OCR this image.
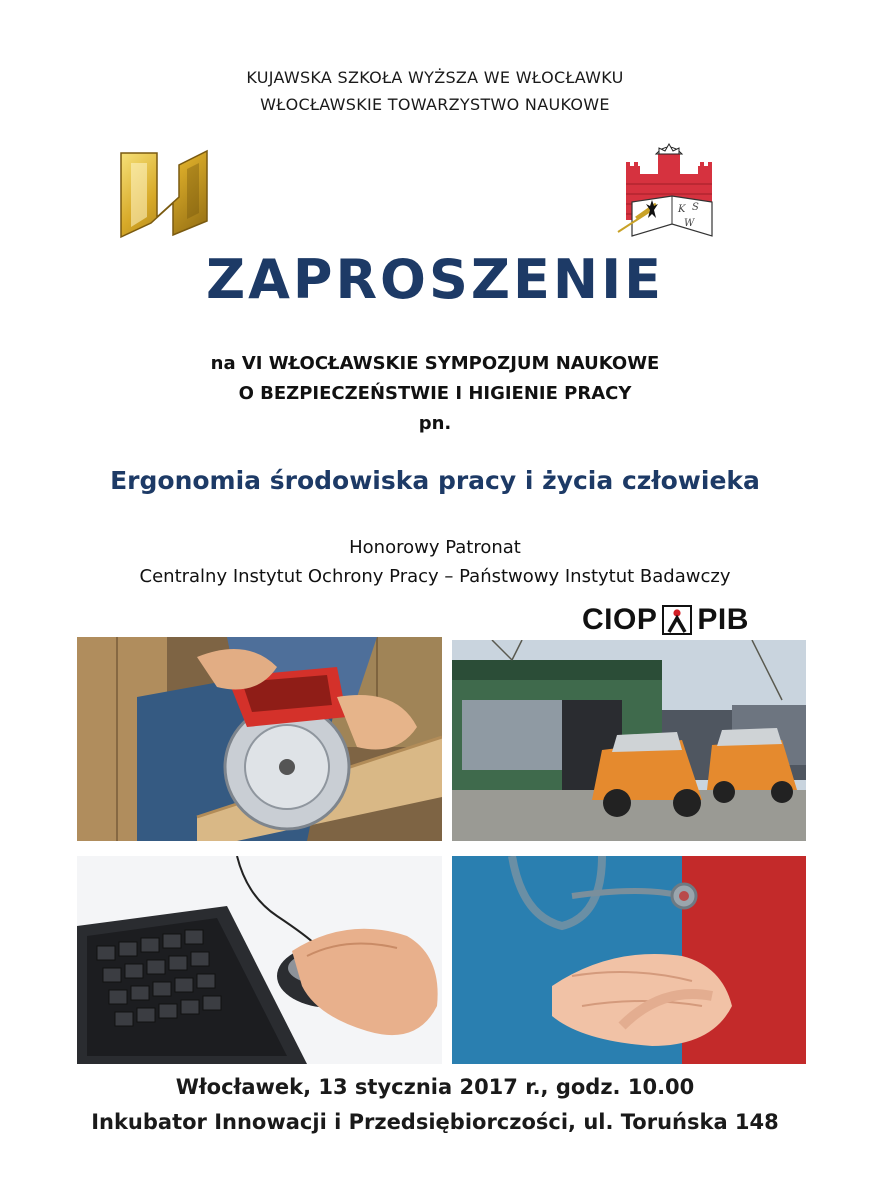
KUJAWSKA SZKOŁA WYŻSZA WE WŁOCŁAWKU
WŁOCŁAWSKIE TOWARZYSTWO NAUKOWE
K S
W
ZAPROSZENIE
na VI WŁOCŁAWSKIE SYMPOZJUM NAUKOWE
O BEZPIECZEŃSTWIE I HIGIENIE PRACY
pn.
Ergonomia środowiska pracy i życia człowieka
Honorowy Patronat
Centralny Instytut Ochrony Pracy – Państwowy Instytut Badawczy
CIOP PIB
Włocławek, 13 stycznia 2017 r., godz. 10.00
Inkubator Innowacji i Przedsiębiorczości, ul. Toruńska 148
